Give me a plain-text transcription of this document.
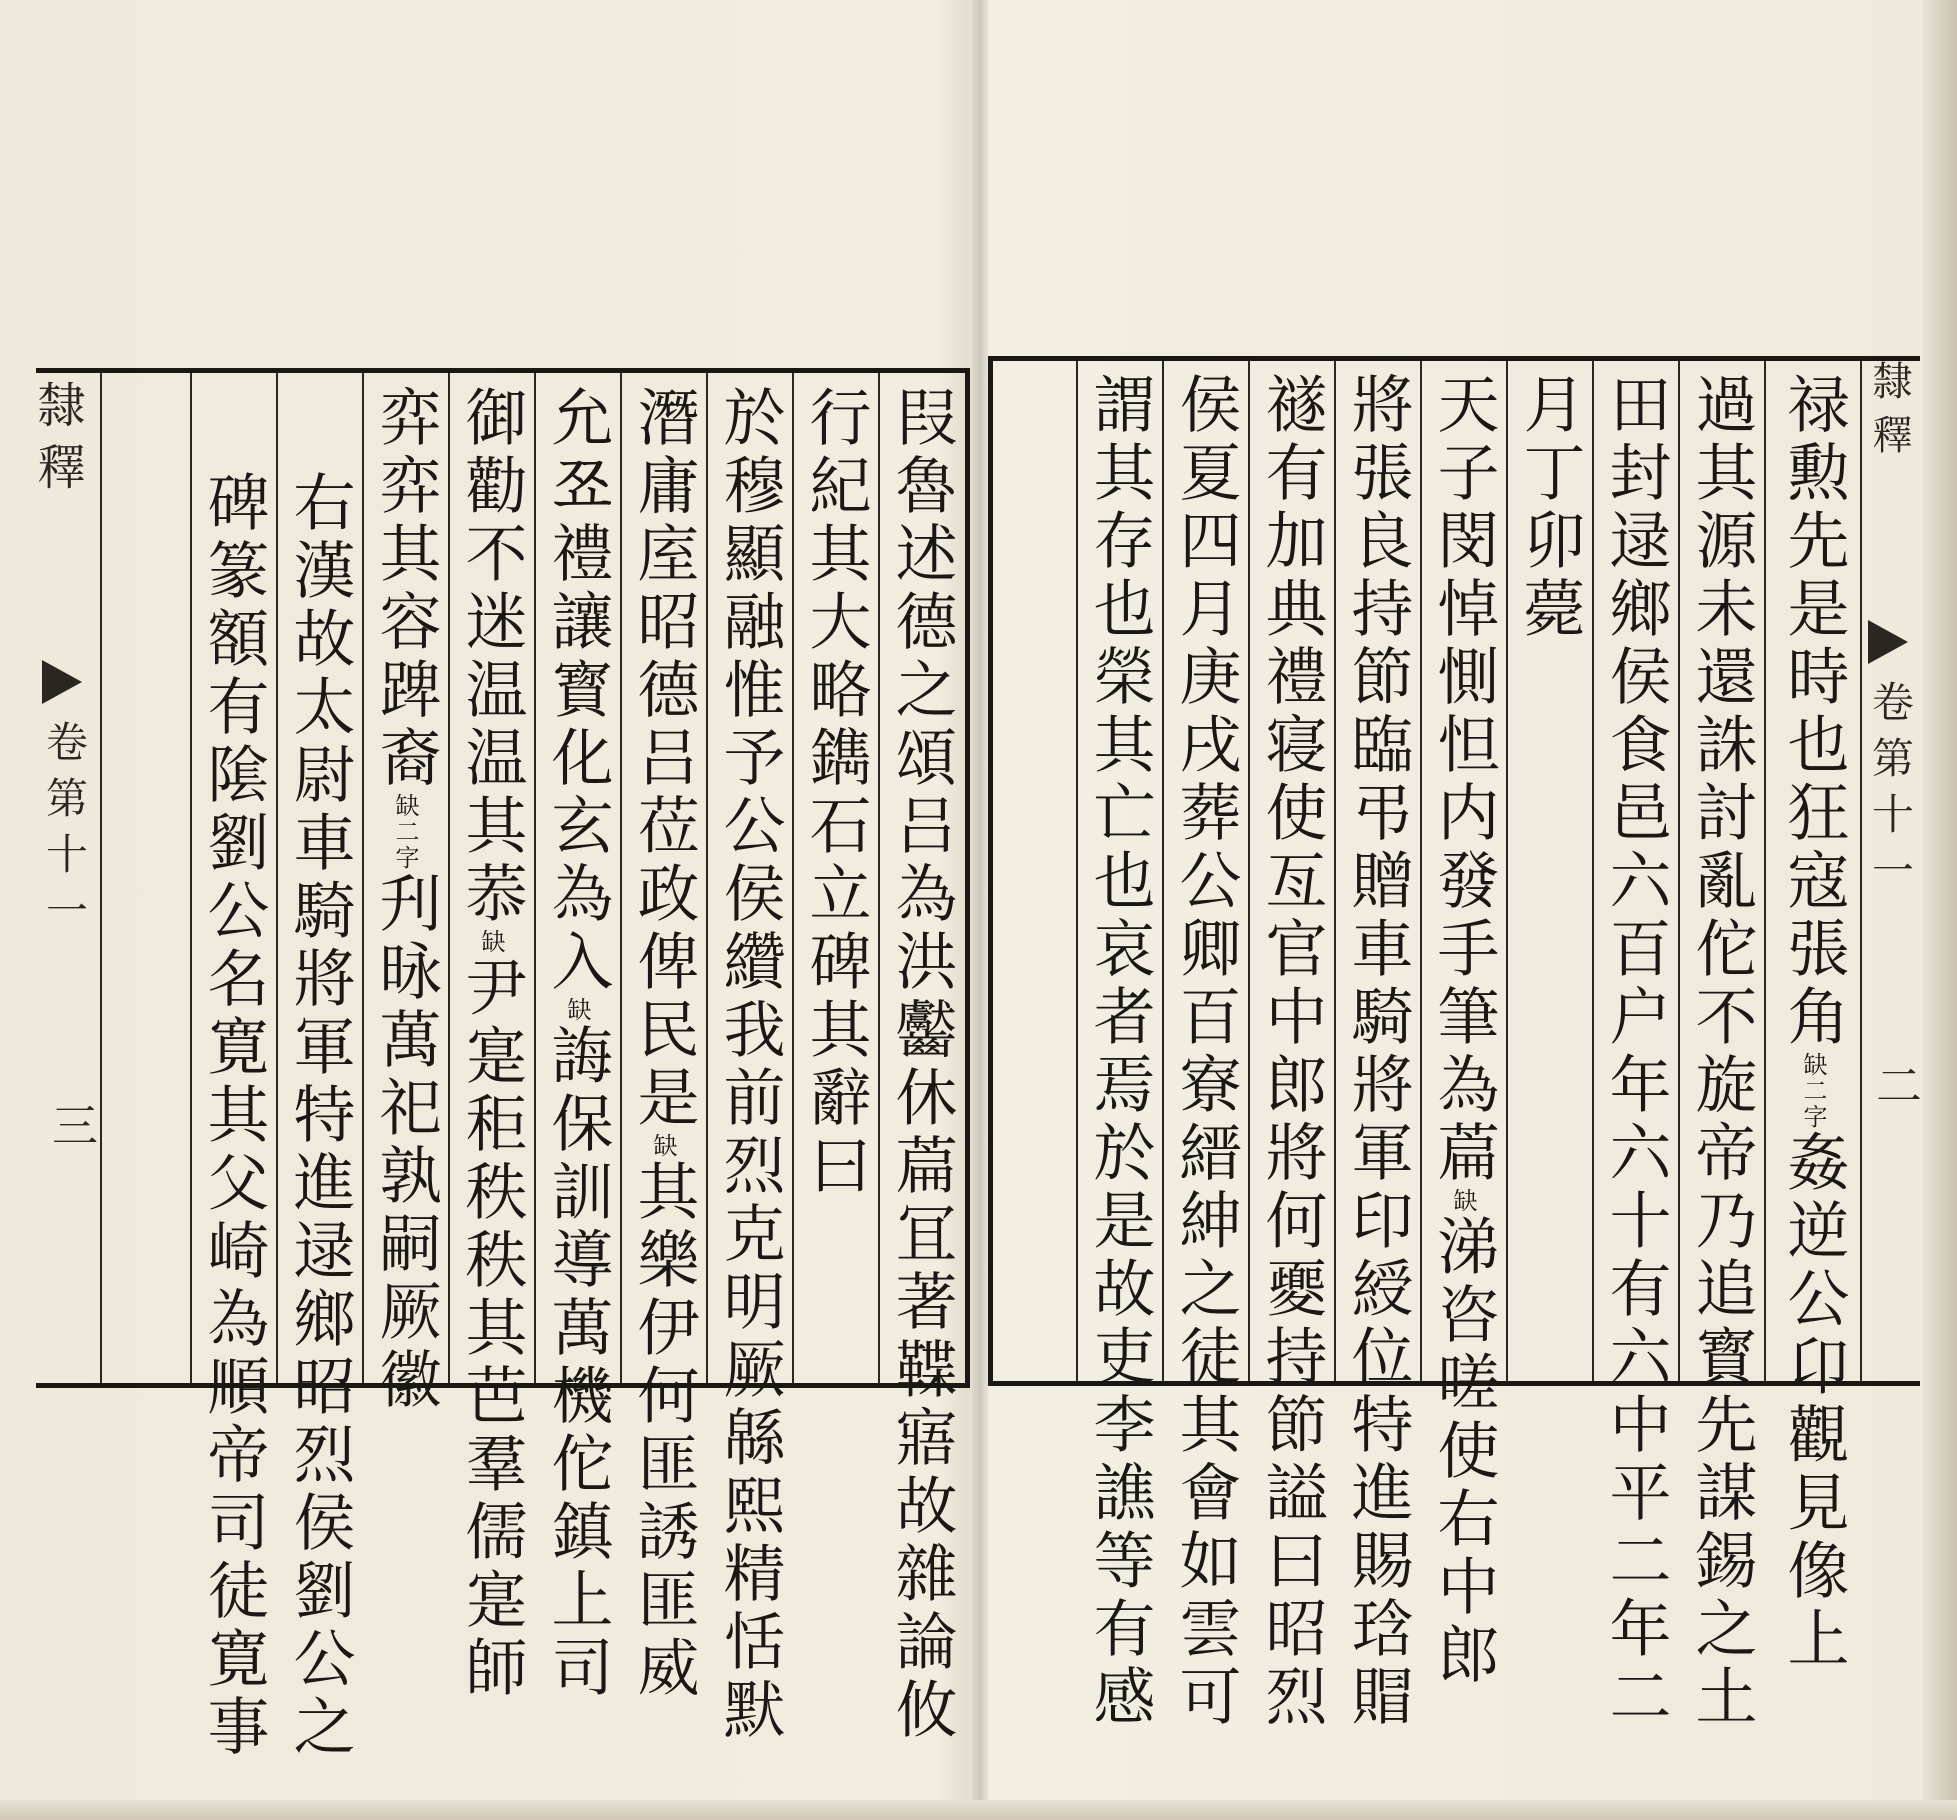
隸釋
卷第十一
三	叚魯述德之頌吕為洪齾休萹冝著鞢寤故雜論攸
行紀其大略鐫石立碑其辭曰
於穆顯融惟予公侯纘我前烈克明厥緜熙精恬默
潛庸庢昭德吕莅政俾民是缺其樂伊何匪誘匪威
允쬬禮讓寳化玄為入缺誨保訓導萬機佗鎮上司
御勸不迷温温其菾缺尹寔秬秩秩其芭羣儒寔師
弈弈其容䠋裔缺二字刋昹萬祀孰嗣厥徽
右漢故太尉車騎將軍特進逯鄉昭烈侯劉公之
碑篆額有隂劉公名寛其父崎為順帝司徒寛事	禄勲先是時也狂寇張角缺二字姦逆公卬觀見像上
過其源未還誅討亂佗不旋帝乃追寳先謀錫之土
田封逯鄉侯食邑六百户年六十有六中平二年二
月丁卯薨
天子閔悼惻怛内發手筆為萹缺涕咨嗟使右中郎
將張良持節臨弔贈車騎將軍印綬位特進賜琀賵
禭有加典禮寝使亙官中郎將何夒持節謚曰昭烈
侯夏四月庚戌葬公卿百寮縉紳之徒其會如雲可
謂其存也榮其亡也哀者焉於是故吏李譙等有感	隸釋
卷第十一
二
